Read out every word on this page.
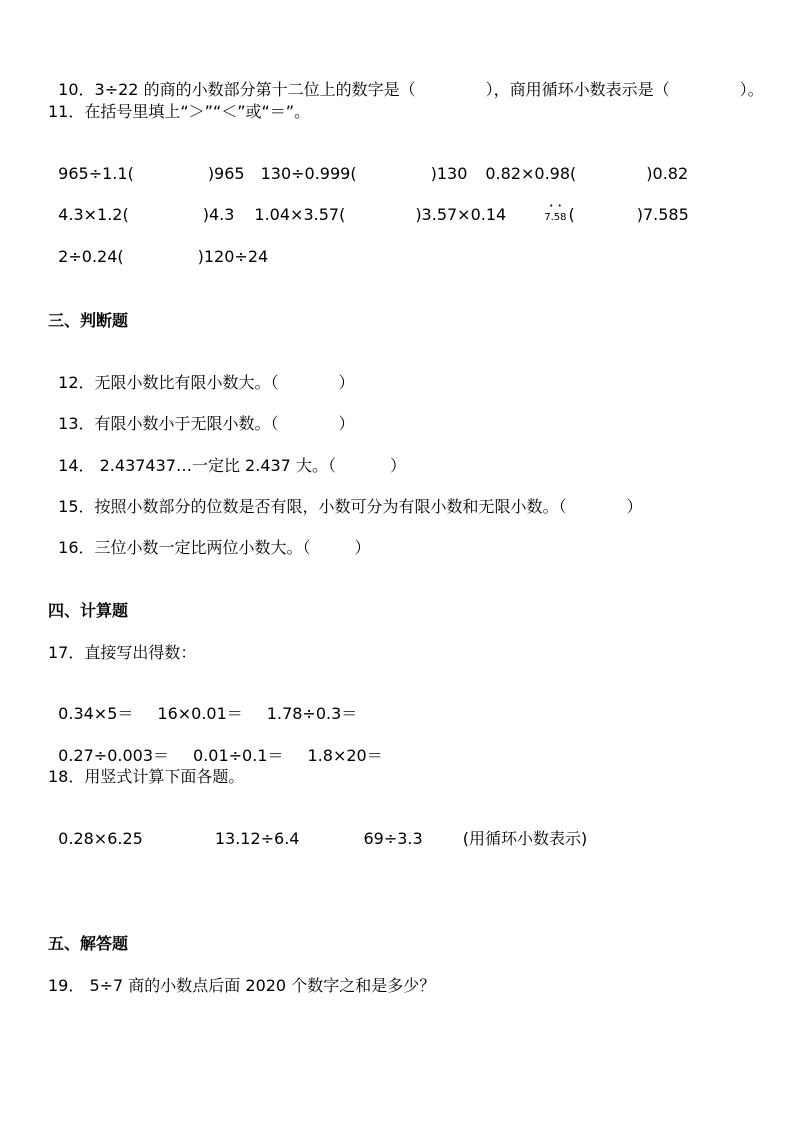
10．3÷22 的商的小数部分第十二位上的数字是（	），商用循环小数表示是（	）。

11．在括号里填上“＞”“＜”或“＝”。

965÷1.1(	)965 130÷0.999(	)130 0.82×0.98(	)0.82

4.3×1.2(	)4.3 1.04×3.57(	)3.57×0.14	• •
7.58 (	)7.585

2÷0.24(	)120÷24

三、判断题

12．无限小数比有限小数大。（	）

13．有限小数小于无限小数。（	）

14． 2.437437…一定比 2.437 大。（	）

15．按照小数部分的位数是否有限，小数可分为有限小数和无限小数。（	）

16．三位小数一定比两位小数大。（	）

四、计算题
17．直接写出得数：

0.34×5＝ 16×0.01＝ 1.78÷0.3＝

0.27÷0.003＝ 0.01÷0.1＝ 1.8×20＝

18．用竖式计算下面各题。

0.28×6.25	13.12÷6.4	69÷3.3	(用循环小数表示)

五、解答题
19． 5÷7 商的小数点后面 2020 个数字之和是多少？
